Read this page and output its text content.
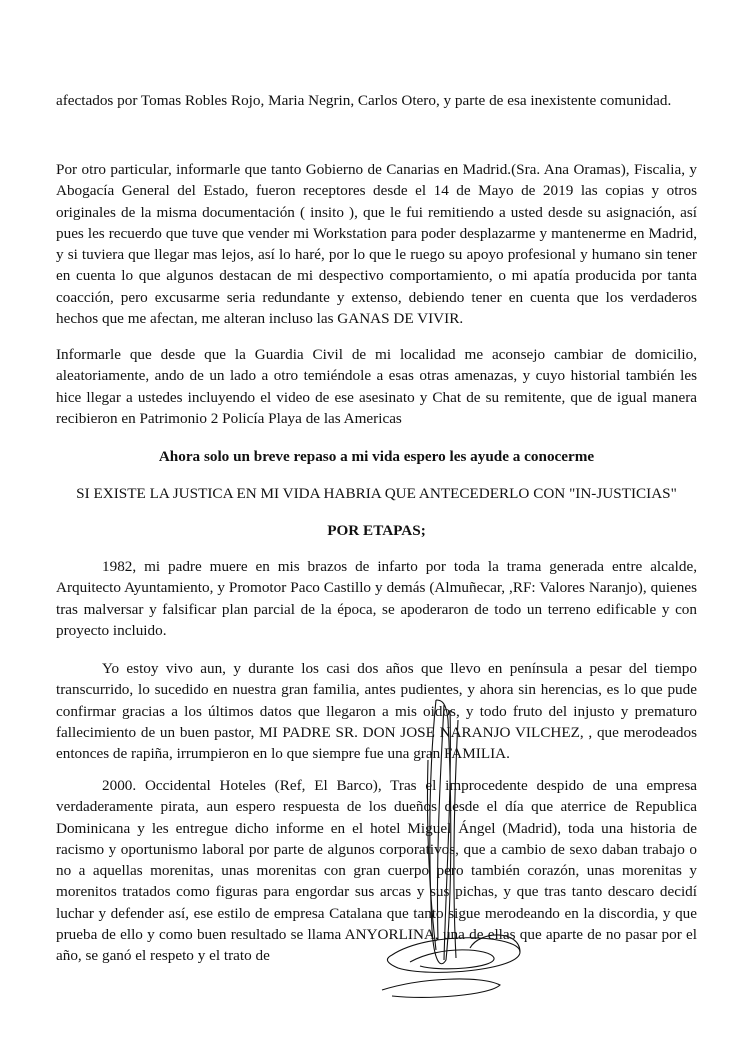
afectados por Tomas Robles Rojo, Maria Negrin, Carlos Otero, y parte de esa inexistente comunidad.

Por otro particular, informarle que tanto Gobierno de Canarias en Madrid.(Sra. Ana Oramas), Fiscalia, y Abogacía General del Estado, fueron receptores desde el 14 de Mayo de 2019 las copias y otros originales de la misma documentación ( insito ), que le fui remitiendo a usted desde su asignación, así pues les recuerdo que tuve que vender mi Workstation para poder desplazarme y mantenerme en Madrid, y si tuviera que llegar mas lejos, así lo haré, por lo que le ruego su apoyo profesional y humano sin tener en cuenta lo que algunos destacan de mi despectivo comportamiento, o mi apatía producida por tanta coacción, pero excusarme seria redundante y extenso, debiendo tener en cuenta que los verdaderos hechos que me afectan, me alteran incluso las GANAS DE VIVIR.

Informarle que desde que la Guardia Civil de mi localidad me aconsejo cambiar de domicilio, aleatoriamente, ando de un lado a otro temiéndole a esas otras amenazas, y cuyo historial también les hice llegar a ustedes incluyendo el video de ese asesinato y Chat de su remitente, que de igual manera recibieron en Patrimonio 2 Policía Playa de las Americas

Ahora solo un breve repaso a mi vida espero les ayude a conocerme

SI EXISTE LA JUSTICA EN MI VIDA HABRIA QUE ANTECEDERLO CON "IN-JUSTICIAS"

POR ETAPAS;

1982, mi padre muere en mis brazos de infarto por toda la trama generada entre alcalde, Arquitecto Ayuntamiento, y Promotor Paco Castillo y demás (Almuñecar, ,RF: Valores Naranjo), quienes tras malversar y falsificar plan parcial de la época, se apoderaron de todo un terreno edificable y con proyecto incluido.

Yo estoy vivo aun, y durante los casi dos años que llevo en península a pesar del tiempo transcurrido, lo sucedido en nuestra gran familia, antes pudientes, y ahora sin herencias, es lo que pude confirmar gracias a los últimos datos que llegaron a mis oidos, y todo fruto del injusto y prematuro fallecimiento de un buen pastor, MI PADRE SR. DON JOSE NARANJO VILCHEZ, , que merodeados entonces de rapiña, irrumpieron en lo que siempre fue una gran FAMILIA.

2000. Occidental Hoteles (Ref, El Barco), Tras el improcedente despido de una empresa verdaderamente pirata, aun espero respuesta de los dueños desde el día que aterrice de Republica Dominicana y les entregue dicho informe en el hotel Miguel Ángel (Madrid), toda una historia de racismo y oportunismo laboral por parte de algunos corporativos, que a cambio de sexo daban trabajo o no a aquellas morenitas, unas morenitas con gran cuerpo pero también corazón, unas morenitas y morenitos tratados como figuras para engordar sus arcas y sus pichas, y que tras tanto descaro decidí luchar y defender así, ese estilo de empresa Catalana que tanto sigue merodeando en la discordia, y que prueba de ello y como buen resultado se llama ANYORLINA, una de ellas que aparte de no pasar por el año, se ganó el respeto y el trato de
